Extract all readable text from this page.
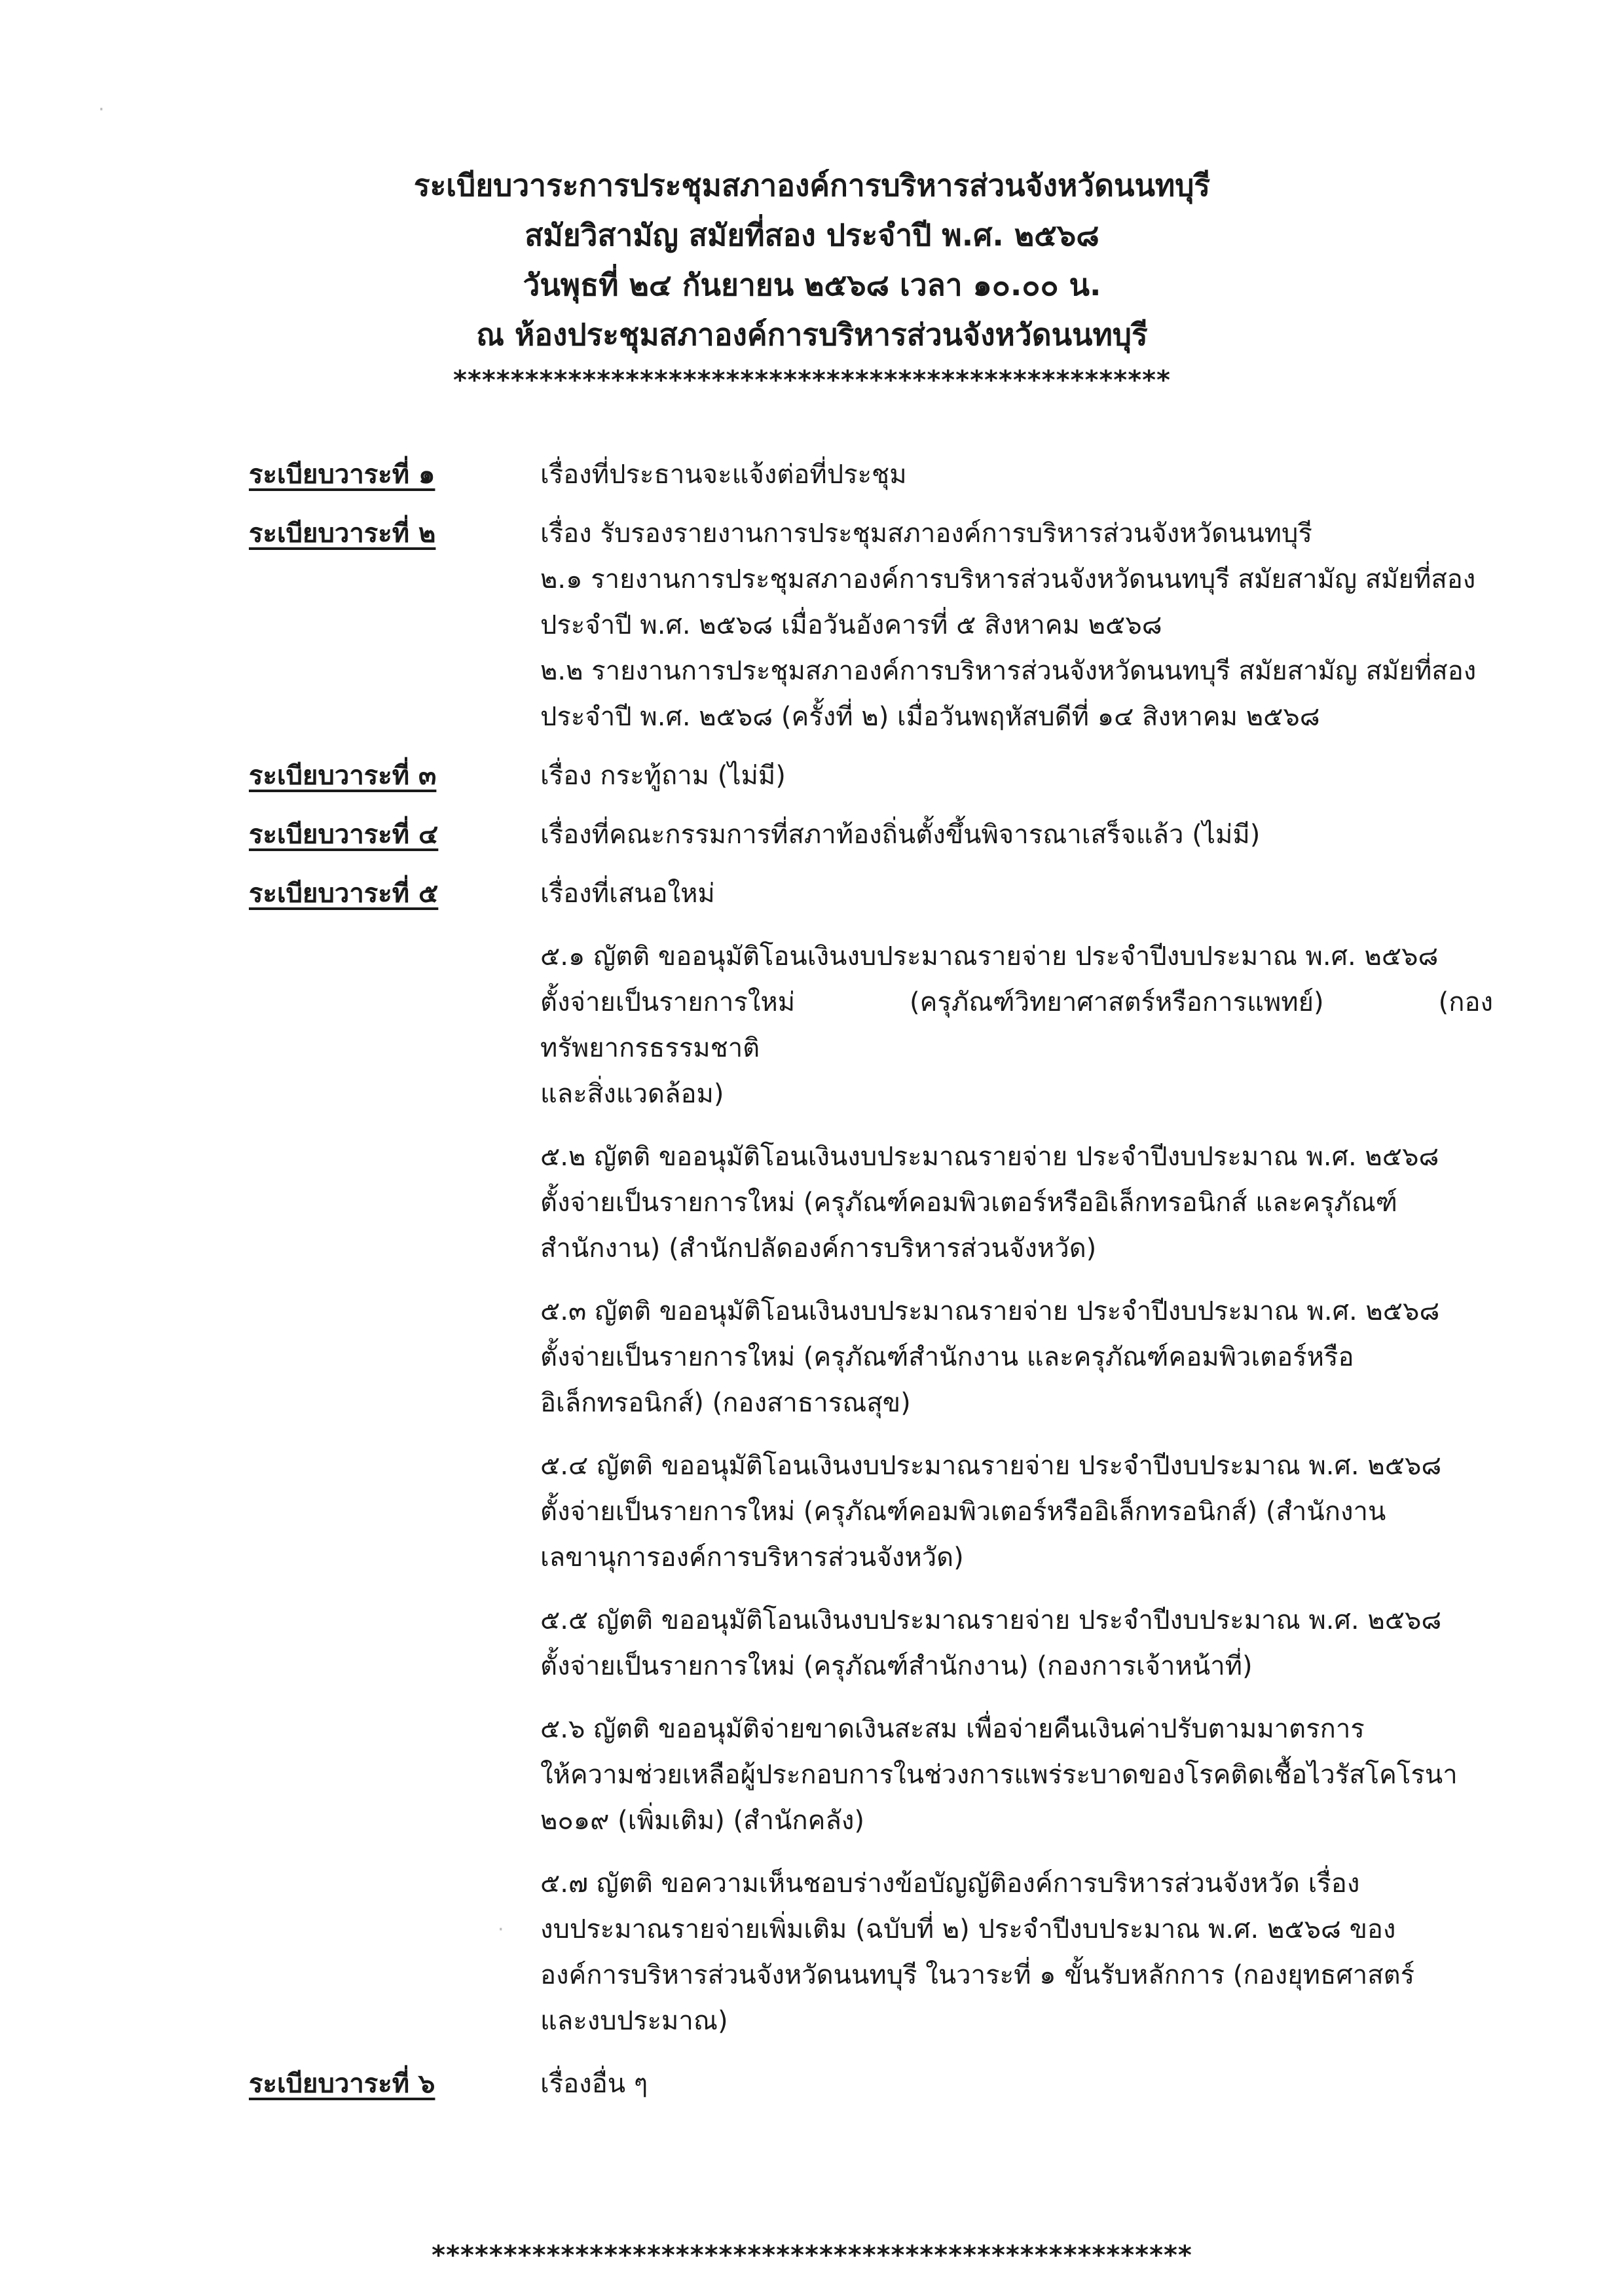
·
·
ระเบียบวาระการประชุมสภาองค์การบริหารส่วนจังหวัดนนทบุรี
สมัยวิสามัญ สมัยที่สอง ประจำปี พ.ศ. ๒๕๖๘
วันพุธที่ ๒๔ กันยายน ๒๕๖๘ เวลา ๑๐.๐๐ น.
ณ ห้องประชุมสภาองค์การบริหารส่วนจังหวัดนนทบุรี
**************************************************
ระเบียบวาระที่ ๑	เรื่องที่ประธานจะแจ้งต่อที่ประชุม

ระเบียบวาระที่ ๒	เรื่อง รับรองรายงานการประชุมสภาองค์การบริหารส่วนจังหวัดนนทบุรี

๒.๑ รายงานการประชุมสภาองค์การบริหารส่วนจังหวัดนนทบุรี สมัยสามัญ สมัยที่สอง

ประจำปี พ.ศ. ๒๕๖๘ เมื่อวันอังคารที่ ๕ สิงหาคม ๒๕๖๘

๒.๒ รายงานการประชุมสภาองค์การบริหารส่วนจังหวัดนนทบุรี สมัยสามัญ สมัยที่สอง

ประจำปี พ.ศ. ๒๕๖๘ (ครั้งที่ ๒) เมื่อวันพฤหัสบดีที่ ๑๔ สิงหาคม ๒๕๖๘

ระเบียบวาระที่ ๓	เรื่อง กระทู้ถาม (ไม่มี)

ระเบียบวาระที่ ๔	เรื่องที่คณะกรรมการที่สภาท้องถิ่นตั้งขึ้นพิจารณาเสร็จแล้ว (ไม่มี)

ระเบียบวาระที่ ๕	เรื่องที่เสนอใหม่

๕.๑ ญัตติ ขออนุมัติโอนเงินงบประมาณรายจ่าย ประจำปีงบประมาณ พ.ศ. ๒๕๖๘

ตั้งจ่ายเป็นรายการใหม่ (ครุภัณฑ์วิทยาศาสตร์หรือการแพทย์) (กองทรัพยากรธรรมชาติ

และสิ่งแวดล้อม)

๕.๒ ญัตติ ขออนุมัติโอนเงินงบประมาณรายจ่าย ประจำปีงบประมาณ พ.ศ. ๒๕๖๘

ตั้งจ่ายเป็นรายการใหม่ (ครุภัณฑ์คอมพิวเตอร์หรืออิเล็กทรอนิกส์ และครุภัณฑ์

สำนักงาน) (สำนักปลัดองค์การบริหารส่วนจังหวัด)

๕.๓ ญัตติ ขออนุมัติโอนเงินงบประมาณรายจ่าย ประจำปีงบประมาณ พ.ศ. ๒๕๖๘

ตั้งจ่ายเป็นรายการใหม่ (ครุภัณฑ์สำนักงาน และครุภัณฑ์คอมพิวเตอร์หรือ

อิเล็กทรอนิกส์) (กองสาธารณสุข)

๕.๔ ญัตติ ขออนุมัติโอนเงินงบประมาณรายจ่าย ประจำปีงบประมาณ พ.ศ. ๒๕๖๘

ตั้งจ่ายเป็นรายการใหม่ (ครุภัณฑ์คอมพิวเตอร์หรืออิเล็กทรอนิกส์) (สำนักงาน

เลขานุการองค์การบริหารส่วนจังหวัด)

๕.๕ ญัตติ ขออนุมัติโอนเงินงบประมาณรายจ่าย ประจำปีงบประมาณ พ.ศ. ๒๕๖๘

ตั้งจ่ายเป็นรายการใหม่ (ครุภัณฑ์สำนักงาน) (กองการเจ้าหน้าที่)

๕.๖ ญัตติ ขออนุมัติจ่ายขาดเงินสะสม เพื่อจ่ายคืนเงินค่าปรับตามมาตรการ

ให้ความช่วยเหลือผู้ประกอบการในช่วงการแพร่ระบาดของโรคติดเชื้อไวรัสโคโรนา

๒๐๑๙ (เพิ่มเติม) (สำนักคลัง)

๕.๗ ญัตติ ขอความเห็นชอบร่างข้อบัญญัติองค์การบริหารส่วนจังหวัด เรื่อง

งบประมาณรายจ่ายเพิ่มเติม (ฉบับที่ ๒) ประจำปีงบประมาณ พ.ศ. ๒๕๖๘ ของ

องค์การบริหารส่วนจังหวัดนนทบุรี ในวาระที่ ๑ ขั้นรับหลักการ (กองยุทธศาสตร์

และงบประมาณ)

ระเบียบวาระที่ ๖	เรื่องอื่น ๆ

*****************************************************
